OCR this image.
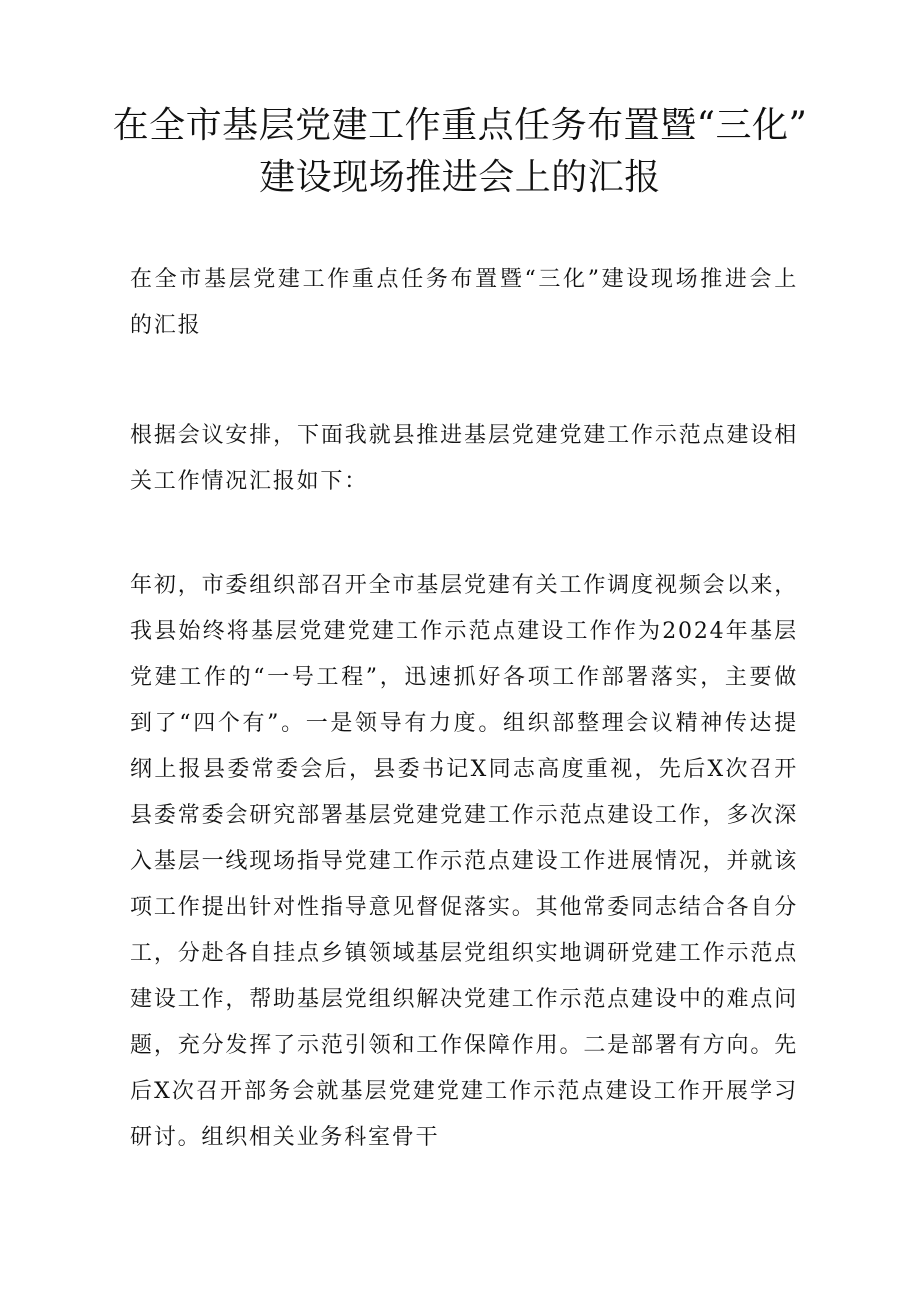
在全市基层党建工作重点任务布置暨“三化”
建设现场推进会上的汇报

在全市基层党建工作重点任务布置暨“三化”建设现场推进会上的汇报

根据会议安排，下面我就县推进基层党建党建工作示范点建设相关工作情况汇报如下：

年初，市委组织部召开全市基层党建有关工作调度视频会以来，我县始终将基层党建党建工作示范点建设工作作为2024年基层党建工作的“一号工程”，迅速抓好各项工作部署落实，主要做到了“四个有”。一是领导有力度。组织部整理会议精神传达提纲上报县委常委会后，县委书记X同志高度重视，先后X次召开县委常委会研究部署基层党建党建工作示范点建设工作，多次深入基层一线现场指导党建工作示范点建设工作进展情况，并就该项工作提出针对性指导意见督促落实。其他常委同志结合各自分工，分赴各自挂点乡镇领域基层党组织实地调研党建工作示范点建设工作，帮助基层党组织解决党建工作示范点建设中的难点问题，充分发挥了示范引领和工作保障作用。二是部署有方向。先后X次召开部务会就基层党建党建工作示范点建设工作开展学习研讨。组织相关业务科室骨干
